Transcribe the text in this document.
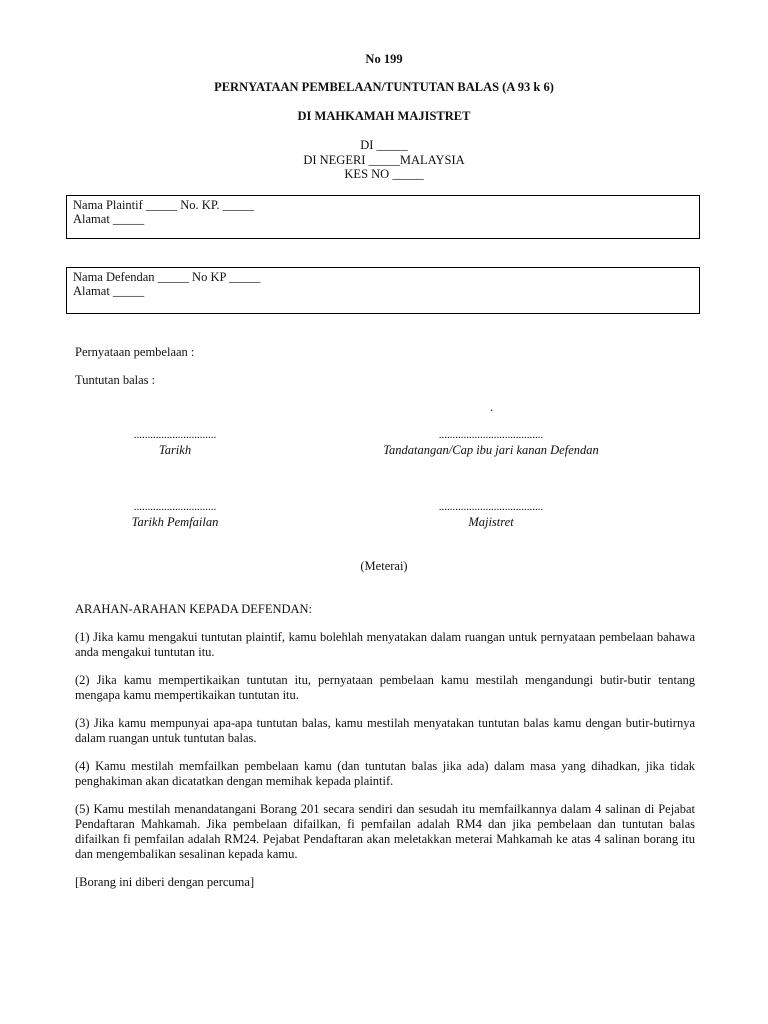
No 199
PERNYATAAN PEMBELAAN/TUNTUTAN BALAS (A 93 k 6)
DI MAHKAMAH MAJISTRET
DI _____
DI NEGERI _____MALAYSIA
KES NO _____
Nama Plaintif _____ No. KP. _____
Alamat _____
Nama Defendan _____ No KP _____
Alamat _____
Pernyataan pembelaan :
Tuntutan balas :
.
..............................
Tarikh
......................................
Tandatangan/Cap ibu jari kanan Defendan
..............................
Tarikh Pemfailan
......................................
Majistret
(Meterai)
ARAHAN-ARAHAN KEPADA DEFENDAN:
(1) Jika kamu mengakui tuntutan plaintif, kamu bolehlah menyatakan dalam ruangan untuk pernyataan pembelaan bahawa anda mengakui tuntutan itu.
(2) Jika kamu mempertikaikan tuntutan itu, pernyataan pembelaan kamu mestilah mengandungi butir-butir tentang mengapa kamu mempertikaikan tuntutan itu.
(3) Jika kamu mempunyai apa-apa tuntutan balas, kamu mestilah menyatakan tuntutan balas kamu dengan butir-butirnya dalam ruangan untuk tuntutan balas.
(4) Kamu mestilah memfailkan pembelaan kamu (dan tuntutan balas jika ada) dalam masa yang dihadkan, jika tidak penghakiman akan dicatatkan dengan memihak kepada plaintif.
(5) Kamu mestilah menandatangani Borang 201 secara sendiri dan sesudah itu memfailkannya dalam 4 salinan di Pejabat Pendaftaran Mahkamah. Jika pembelaan difailkan, fi pemfailan adalah RM4 dan jika pembelaan dan tuntutan balas difailkan fi pemfailan adalah RM24. Pejabat Pendaftaran akan meletakkan meterai Mahkamah ke atas 4 salinan borang itu dan mengembalikan sesalinan kepada kamu.
[Borang ini diberi dengan percuma]
